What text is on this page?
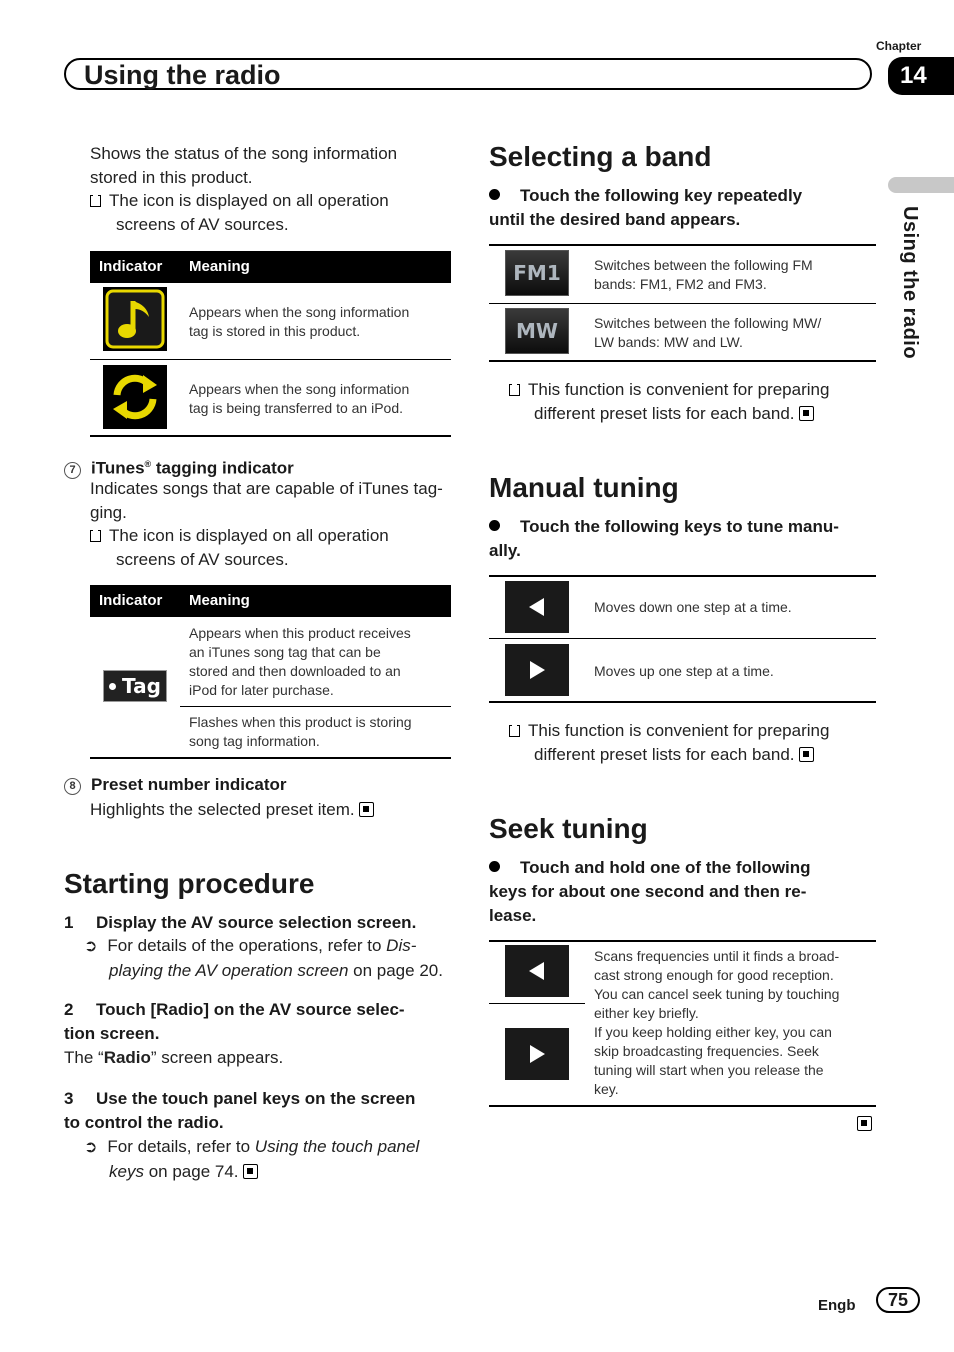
Using the radio
Chapter
14
Using the radio
Shows the status of the song information
stored in this product.
The icon is displayed on all operation
screens of AV sources.
Indicator Meaning
Appears when the song information
tag is stored in this product.
Appears when the song information
tag is being transferred to an iPod.
7 iTunes® tagging indicator
Indicates songs that are capable of iTunes tag-
ging.
The icon is displayed on all operation
screens of AV sources.
Indicator Meaning
Tag
Appears when this product receives
an iTunes song tag that can be
stored and then downloaded to an
iPod for later purchase.
Flashes when this product is storing
song tag information.
8 Preset number indicator
Highlights the selected preset item.
Starting procedure
1 Display the AV source selection screen.
➲ For details of the operations, refer to Dis-
playing the AV operation screen on page 20.
2 Touch [Radio] on the AV source selec-
tion screen.
The “Radio” screen appears.
3 Use the touch panel keys on the screen
to control the radio.
➲ For details, refer to Using the touch panel
keys on page 74.
Selecting a band
Touch the following key repeatedly
until the desired band appears.
FM1	Switches between the following FM
bands: FM1, FM2 and FM3.
MW	Switches between the following MW/
LW bands: MW and LW.
This function is convenient for preparing
different preset lists for each band.
Manual tuning
Touch the following keys to tune manu-
ally.
Moves down one step at a time.
Moves up one step at a time.
This function is convenient for preparing
different preset lists for each band.
Seek tuning
Touch and hold one of the following
keys for about one second and then re-
lease.
Scans frequencies until it finds a broad-
cast strong enough for good reception.
You can cancel seek tuning by touching
either key briefly.
If you keep holding either key, you can
skip broadcasting frequencies. Seek
tuning will start when you release the
key.
Engb	75
